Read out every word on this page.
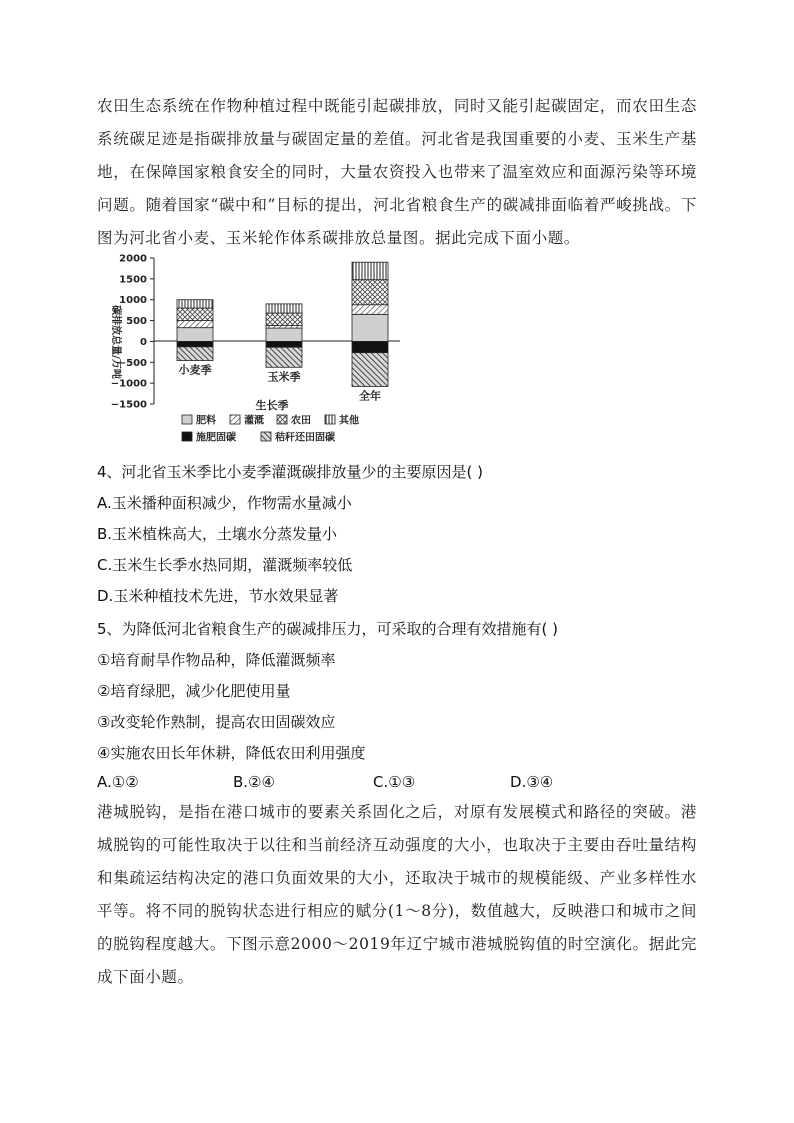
农田生态系统在作物种植过程中既能引起碳排放，同时又能引起碳固定，而农田生态系统碳足迹是指碳排放量与碳固定量的差值。河北省是我国重要的小麦、玉米生产基地，在保障国家粮食安全的同时，大量农资投入也带来了温室效应和面源污染等环境问题。随着国家“碳中和”目标的提出，河北省粮食生产的碳减排面临着严峻挑战。下图为河北省小麦、玉米轮作体系碳排放总量图。据此完成下面小题。

碳排放总量/万吨
2000
1500
1000
500
0
−500
−1000
−1500
小麦季
玉米季
全年
生长季
肥料	灌溉	农田	其他
施肥固碳	秸秆还田固碳

4、河北省玉米季比小麦季灌溉碳排放量少的主要原因是( )

A.玉米播种面积减少，作物需水量减小

B.玉米植株高大，土壤水分蒸发量小

C.玉米生长季水热同期，灌溉频率较低

D.玉米种植技术先进，节水效果显著

5、为降低河北省粮食生产的碳减排压力，可采取的合理有效措施有( )

①培育耐旱作物品种，降低灌溉频率

②培育绿肥，减少化肥使用量

③改变轮作熟制，提高农田固碳效应

④实施农田长年休耕，降低农田利用强度

A.①②	B.②④	C.①③	D.③④

港城脱钩，是指在港口城市的要素关系固化之后，对原有发展模式和路径的突破。港城脱钩的可能性取决于以往和当前经济互动强度的大小，也取决于主要由吞吐量结构和集疏运结构决定的港口负面效果的大小，还取决于城市的规模能级、产业多样性水平等。将不同的脱钩状态进行相应的赋分(1～8分)，数值越大，反映港口和城市之间的脱钩程度越大。下图示意2000～2019年辽宁城市港城脱钩值的时空演化。据此完成下面小题。
